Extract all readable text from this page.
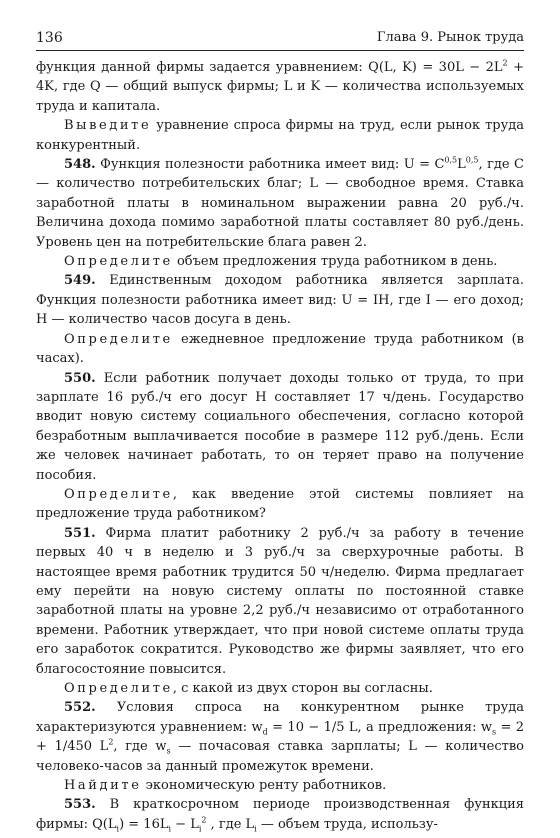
136	Глава 9. Рынок труда

функция данной фирмы задается уравнением: Q(L, $K) = 30L - 2L^2 + 4K$, где Q — общий выпуск фирмы; L и K — количества используемых труда и капитала.

Выведите уравнение спроса фирмы на труд, если рынок труда конкурентный.

548. Функция полезности работника имеет вид: $U = C^{0,5}L^{0,5}$, где C — количество потребительских благ; L — свободное время. Ставка заработной платы в номинальном выражении равна 20 руб./ч. Величина дохода помимо заработной платы составляет 80 руб./день. Уровень цен на потребительские блага равен 2.

Определите объем предложения труда работником в день.

549. Единственным доходом работника является зарплата. Функция полезности работника имеет вид: U = IH, где I — его доход; H — количество часов досуга в день.

Определите ежедневное предложение труда работником (в часах).

550. Если работник получает доходы только от труда, то при зарплате 16 руб./ч его досуг H составляет 17 ч/день. Государство вводит новую систему социального обеспечения, согласно которой безработным выплачивается пособие в размере 112 руб./день. Если же человек начинает работать, то он теряет право на получение пособия.

Определите, как введение этой системы повлияет на предложение труда работником?

551. Фирма платит работнику 2 руб./ч за работу в течение первых 40 ч в неделю и 3 руб./ч за сверхурочные работы. В настоящее время работник трудится 50 ч/неделю. Фирма предлагает ему перейти на новую систему оплаты по постоянной ставке заработной платы на уровне 2,2 руб./ч независимо от отработанного времени. Работник утверждает, что при новой системе оплаты труда его заработок сократится. Руководство же фирмы заявляет, что его благосостояние повысится.

Определите, с какой из двух сторон вы согласны.

552. Условия спроса на конкурентном рынке труда характеризуются уравнением: $w_d = 10 - 1/5$ L, а предложения: $w_s = 2 + 1/450$ $L^2$, где $w_s$ — почасовая ставка зарплаты; L — количество человеко-часов за данный промежуток времени.

Найдите экономическую ренту работников.

553. В краткосрочном периоде производственная функция фирмы: $Q(L_i) = 16L_i - L_i^2$ , где $L_i$ — объем труда, использу-
